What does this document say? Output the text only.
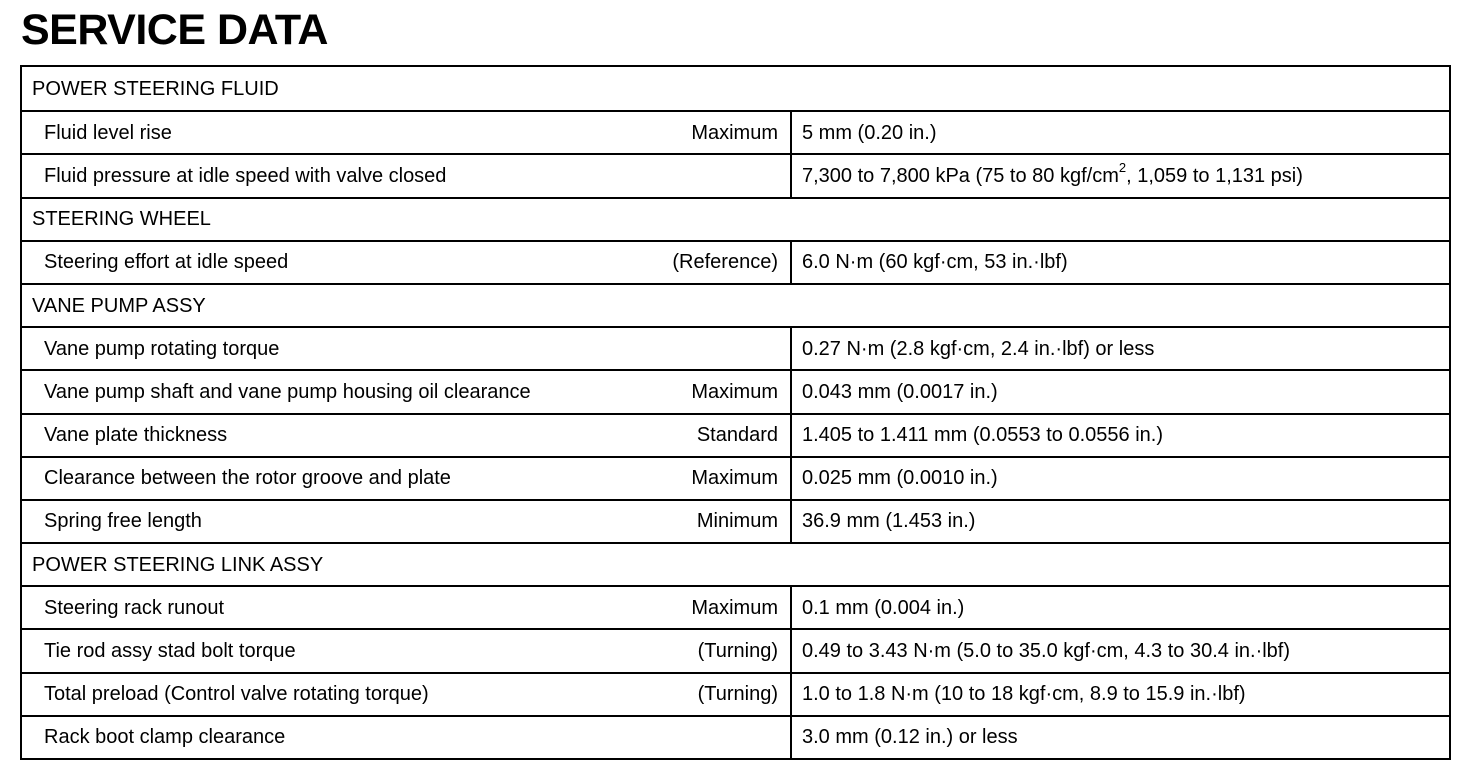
SERVICE DATA
POWER STEERING FLUID
Fluid level rise	Maximum	5 mm (0.20 in.)
Fluid pressure at idle speed with valve closed	7,300 to 7,800 kPa (75 to 80 kgf/$cm^2$, 1,059 to 1,131 psi)
STEERING WHEEL
Steering effort at idle speed	(Reference)	6.0 N·m (60 kgf·cm, 53 in.·lbf)
VANE PUMP ASSY
Vane pump rotating torque	0.27 N·m (2.8 kgf·cm, 2.4 in.·lbf) or less
Vane pump shaft and vane pump housing oil clearance	Maximum	0.043 mm (0.0017 in.)
Vane plate thickness	Standard	1.405 to 1.411 mm (0.0553 to 0.0556 in.)
Clearance between the rotor groove and plate	Maximum	0.025 mm (0.0010 in.)
Spring free length	Minimum	36.9 mm (1.453 in.)
POWER STEERING LINK ASSY
Steering rack runout	Maximum	0.1 mm (0.004 in.)
Tie rod assy stad bolt torque	(Turning)	0.49 to 3.43 N·m (5.0 to 35.0 kgf·cm, 4.3 to 30.4 in.·lbf)
Total preload (Control valve rotating torque)	(Turning)	1.0 to 1.8 N·m (10 to 18 kgf·cm, 8.9 to 15.9 in.·lbf)
Rack boot clamp clearance	3.0 mm (0.12 in.) or less
